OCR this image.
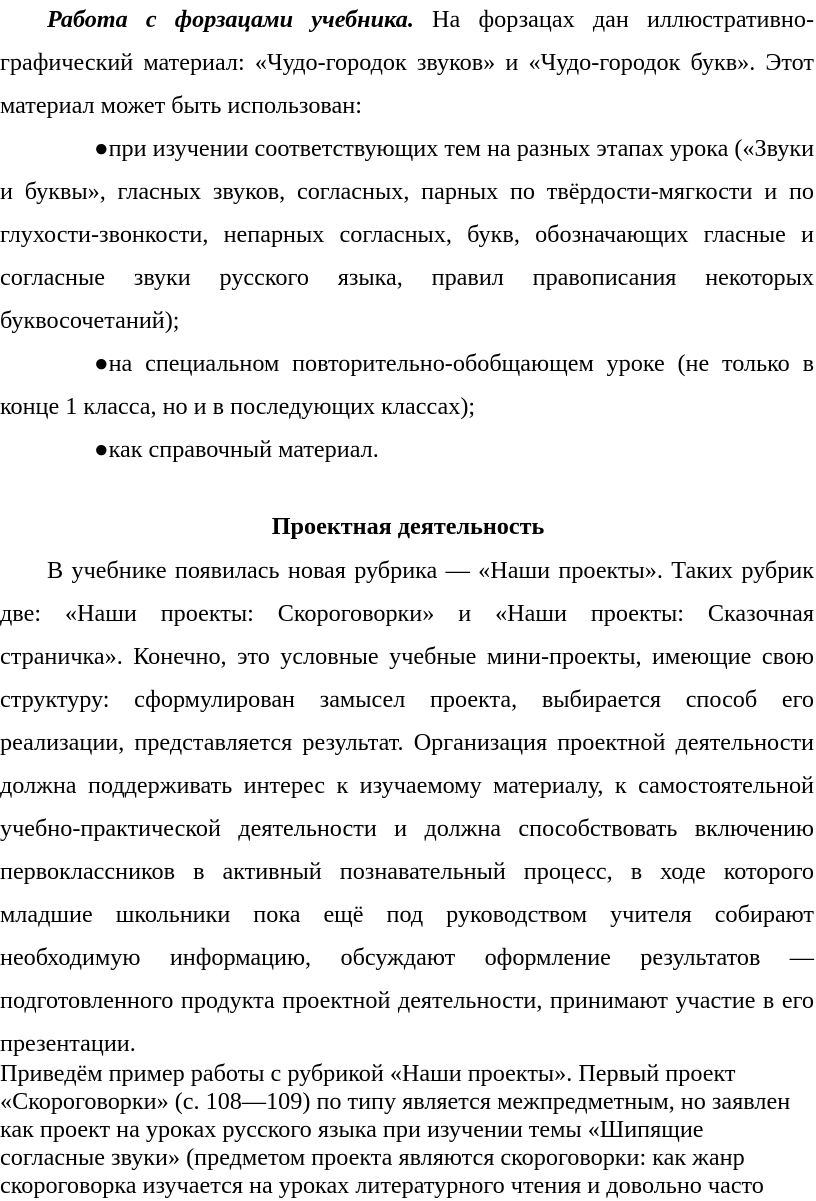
Работа с форзацами учебника. На форзацах дан иллюстративно-графический материал: «Чудо-городок звуков» и «Чудо-городок букв». Этот материал может быть использован:

●при изучении соответствующих тем на разных этапах урока («Звуки и буквы», гласных звуков, согласных, парных по твёрдости-мягкости и по глухости-звонкости, непарных согласных, букв, обозначающих гласные и согласные звуки русского языка, правил правописания некоторых буквосочетаний);

●на специальном повторительно-обобщающем уроке (не только в конце 1 класса, но и в последующих классах);

●как справочный материал.

Проектная деятельность

В учебнике появилась новая рубрика — «Наши проекты». Таких рубрик две: «Наши проекты: Скороговорки» и «Наши проекты: Сказочная страничка». Конечно, это условные учебные мини-проекты, имеющие свою структуру: сформулирован замысел проекта, выбирается способ его реализации, представляется результат. Организация проектной деятельности должна поддерживать интерес к изучаемому материалу, к самостоятельной учебно-практической деятельности и должна способствовать включению первоклассников в активный познавательный процесс, в ходе которого младшие школьники пока ещё под руководством учителя собирают необходимую информацию, обсуждают оформление результатов — подготовленного продукта проектной деятельности, принимают участие в его презентации.

Приведём пример работы с рубрикой «Наши проекты». Первый проект

«Скороговорки» (с. 108—109) по типу является межпредметным, но заявлен

как проект на уроках русского языка при изучении темы «Шипящие

согласные звуки» (предметом проекта являются скороговорки: как жанр

скороговорка изучается на уроках литературного чтения и довольно часто
